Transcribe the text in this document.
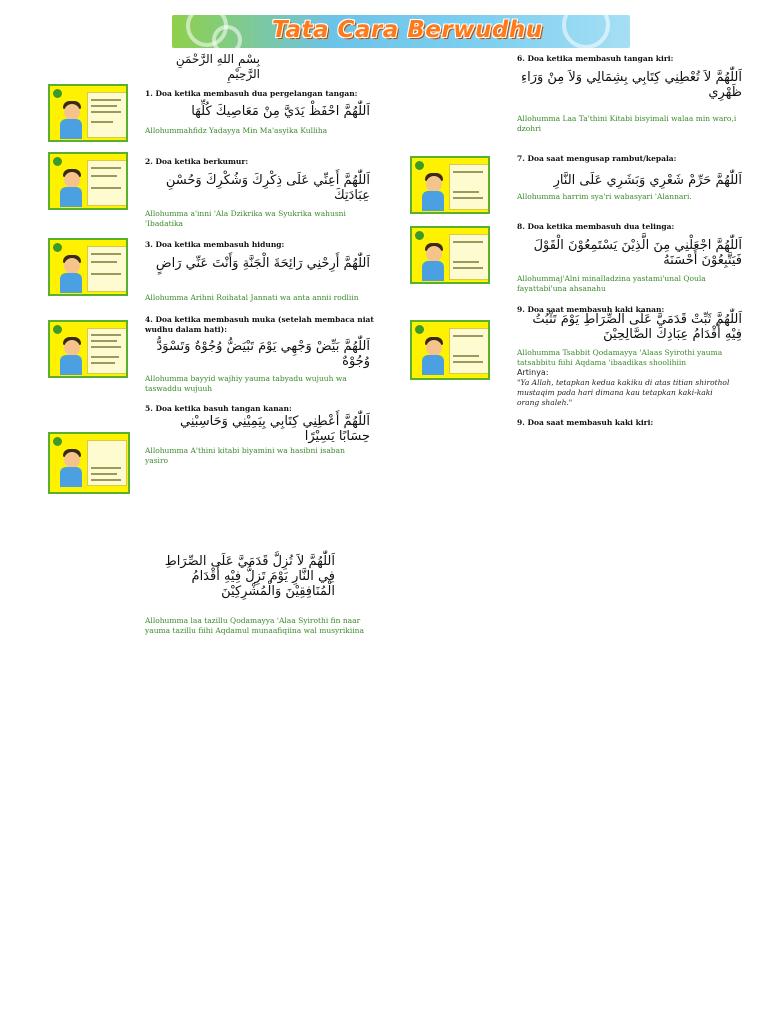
Tata Cara Berwudhu
بِسْمِ اللهِ الرَّحْمَنِ الرَّحِيْمِ
1. Doa ketika membasuh dua pergelangan tangan:
اَللّٰهُمَّ احْفَظْ يَدَيَّ مِنْ مَعَاصِيكَ كُلِّهَا
Allohummahfidz Yadayya Min Ma'asyika Kulliha
2. Doa ketika berkumur:
اَللّٰهُمَّ أَعِنِّي عَلَى ذِكْرِكَ وَشُكْرِكَ وَحُسْنِ عِبَادَتِكَ
Allohumma a'inni 'Ala Dzikrika wa Syukrika wahusni 'Ibadatika
3. Doa ketika membasuh hidung:
اَللّٰهُمَّ أَرِحْنِي رَائِحَةَ الْجَنَّةِ وَأَنْتَ عَنِّي رَاضٍ
Allohumma Arihni Roihatal Jannati wa anta annii rodliin
4. Doa ketika membasuh muka (setelah membaca niat wudhu dalam hati):
اَللّٰهُمَّ بَيِّضْ وَجْهِي يَوْمَ تَبْيَضُّ وُجُوْهٌ وَتَسْوَدُّ وُجُوْهٌ
Allohumma bayyid wajhiy yauma tabyadu wujuuh wa taswaddu wujuuh
5. Doa ketika basuh tangan kanan:
اَللّٰهُمَّ أَعْطِنِي كِتَابِي بِيَمِيْنِي وَحَاسِبْنِي حِسَابًا يَسِيْرًا
Allohumma A'thini kitabi biyamini wa hasibni isaban yasiro
اَللّٰهُمَّ لاَ تُزِلَّ قَدَمَيَّ عَلَى الصِّرَاطِ فِي النَّارِ يَوْمَ تَزِلُّ فِيْهِ أَقْدَامُ الْمُنَافِقِيْنَ وَالْمُشْرِكِيْنَ
Allohumma laa tazillu Qodamayya 'Alaa Syirothi fin naar yauma tazillu fiihi Aqdamul munaafiqiina wal musyrikiina
6. Doa ketika membasuh tangan kiri:
اَللّٰهُمَّ لاَ تُعْطِنِي كِتَابِي بِشِمَالِي وَلاَ مِنْ وَرَاءِ ظَهْرِي
Allohumma Laa Ta'thini Kitabi bisyimali walaa min waro,i dzohri
7. Doa saat mengusap rambut/kepala:
اَللّٰهُمَّ حَرِّمْ شَعْرِي وَبَشَرِي عَلَى النَّارِ
Allohumma harrim sya'ri wabasyari 'Alannari.
8. Doa ketika membasuh dua telinga:
اَللّٰهُمَّ اجْعَلْنِي مِنَ الَّذِيْنَ يَسْتَمِعُوْنَ الْقَوْلَ فَيَتَّبِعُوْنَ أَحْسَنَهُ
Allohummaj'Alni minalladzina yastami'unal Qoula fayattabi'una ahsanahu
9. Doa saat membasuh kaki kanan:
اَللّٰهُمَّ ثَبِّتْ قَدَمَيَّ عَلَى الصِّرَاطِ يَوْمَ تَثْبُتُ فِيْهِ أَقْدَامُ عِبَادِكَ الصَّالِحِيْنَ
Allohumma Tsabbit Qodamayya 'Alaas Syirothi yauma tatsabbitu fiihi Aqdama 'ibaadikas shoolihiin
Artinya:
"Ya Allah, tetapkan kedua kakiku di atas titian shirothol mustaqim pada hari dimana kau tetapkan kaki-kaki orang shaleh."
9. Doa saat membasuh kaki kiri:
